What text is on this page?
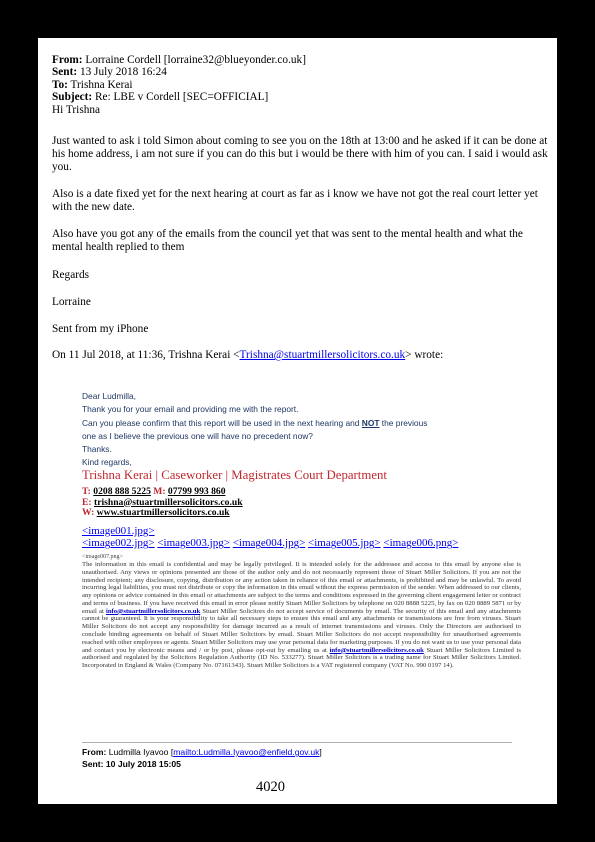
From: Lorraine Cordell [lorraine32@blueyonder.co.uk]
Sent: 13 July 2018 16:24
To: Trishna Kerai
Subject: Re: LBE v Cordell [SEC=OFFICIAL]
Hi Trishna
Just wanted to ask i told Simon about coming to see you on the 18th at 13:00 and he asked if it can be done at his home address, i am not sure if you can do this but i would be there with him of you can. I said i would ask you.
Also is a date fixed yet for the next hearing at court as far as i know we have not got the real court letter yet with the new date.
Also have you got any of the emails from the council yet that was sent to the mental health and what the mental health replied to them
Regards
Lorraine
Sent from my iPhone
On 11 Jul 2018, at 11:36, Trishna Kerai <Trishna@stuartmillersolicitors.co.uk> wrote:
Dear Ludmilla,
Thank you for your email and providing me with the report.
Can you please confirm that this report will be used in the next hearing and NOT the previous
one as I believe the previous one will have no precedent now?
Thanks.
Kind regards,
Trishna Kerai | Caseworker | Magistrates Court Department
T: 0208 888 5225 M: 07799 993 860
E: trishna@stuartmillersolicitors.co.uk
W: www.stuartmillersolicitors.co.uk
<image001.jpg>
<image002.jpg> <image003.jpg> <image004.jpg> <image005.jpg> <image006.png>
<image007.png>
The information in this email is confidential and may be legally privileged. It is intended solely for the addressee and access to this email by anyone else is unauthorised. Any views or opinions presented are those of the author only and do not necessarily represent those of Stuart Miller Solicitors. If you are not the intended recipient; any disclosure, copying, distribution or any action taken in reliance of this email or attachments, is prohibited and may be unlawful. To avoid incurring legal liabilities, you must not distribute or copy the information in this email without the express permission of the sender. When addressed to our clients, any opinions or advice contained in this email or attachments are subject to the terms and conditions expressed in the governing client engagement letter or contract and terms of business. If you have received this email in error please notify Stuart Miller Solicitors by telephone on 020 8888 5225, by fax on 020 8889 5871 or by email at info@stuartmillersolicitors.co.uk Stuart Miller Solicitors do not accept service of documents by email. The security of this email and any attachments cannot be guaranteed. It is your responsibility to take all necessary steps to ensure this email and any attachments or transmissions are free from viruses. Stuart Miller Solicitors do not accept any responsibility for damage incurred as a result of internet transmissions and viruses. Only the Directors are authorised to conclude binding agreements on behalf of Stuart Miller Solicitors by email. Stuart Miller Solicitors do not accept responsibility for unauthorised agreements reached with other employees or agents. Stuart Miller Solicitors may use your personal data for marketing purposes. If you do not want us to use your personal data and contact you by electronic means and / or by post, please opt-out by emailing us at info@stuartmillersolicitors.co.uk Stuart Miller Solicitors Limited is authorised and regulated by the Solicitors Regulation Authority (ID No. 533277). Stuart Miller Solicitors is a trading name for Stuart Miller Solicitors Limited. Incorporated in England & Wales (Company No. 07161343). Stuart Miller Solicitors is a VAT registered company (VAT No. 990 0197 14).
From: Ludmilla Iyavoo [mailto:Ludmilla.Iyavoo@enfield.gov.uk]
Sent: 10 July 2018 15:05
4020
